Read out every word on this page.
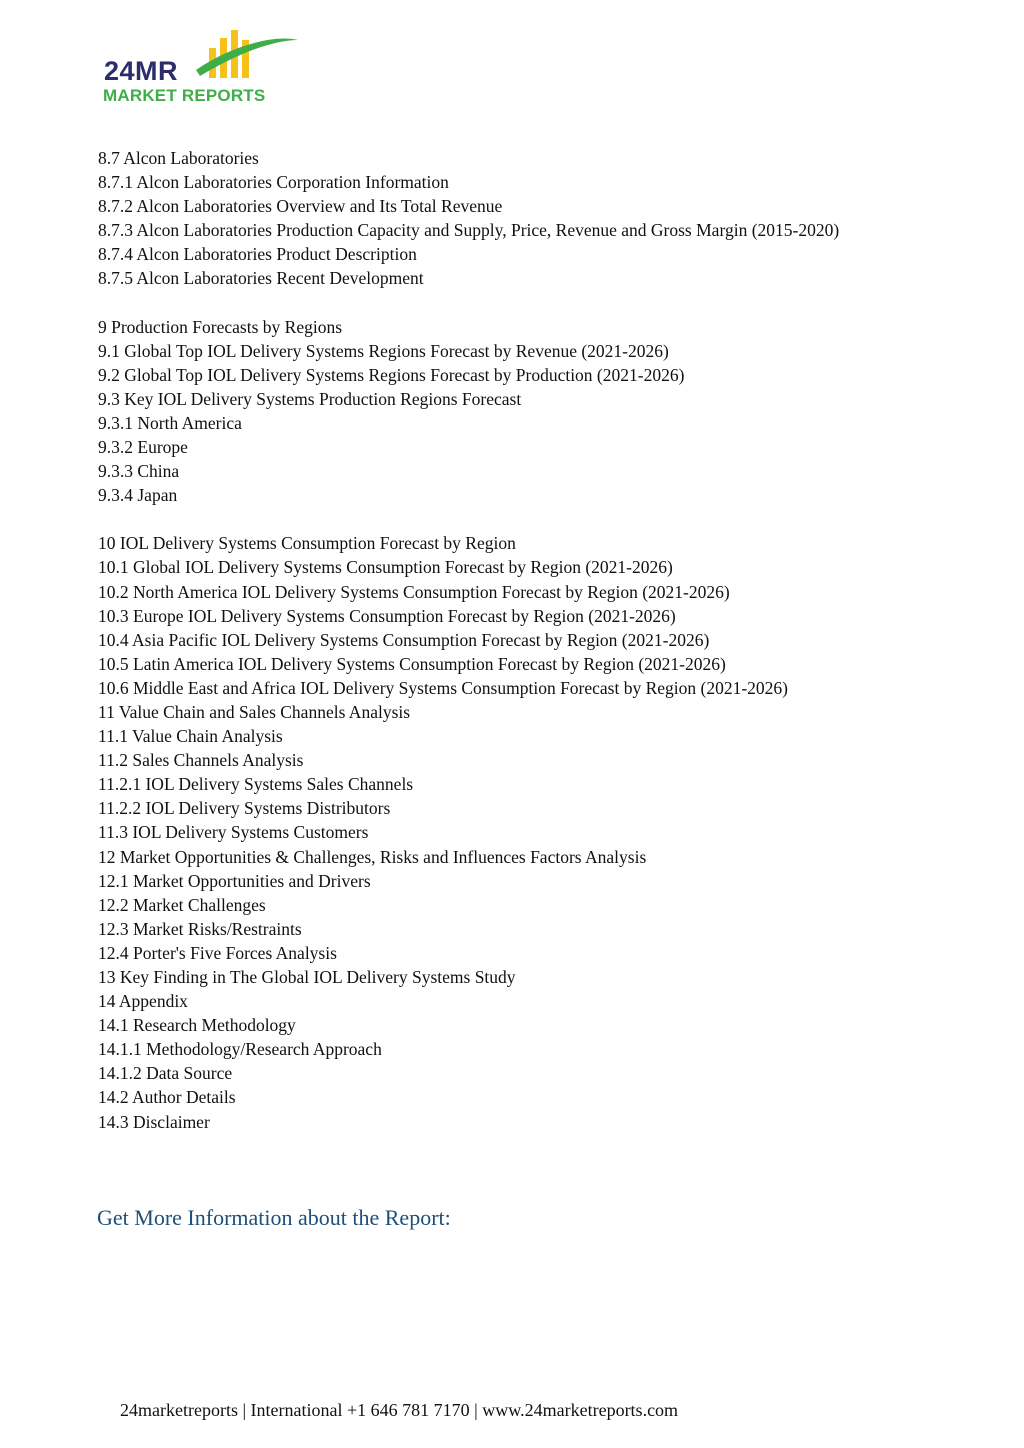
24MR
MARKET REPORTS
8.7 Alcon Laboratories
8.7.1 Alcon Laboratories Corporation Information
8.7.2 Alcon Laboratories Overview and Its Total Revenue
8.7.3 Alcon Laboratories Production Capacity and Supply, Price, Revenue and Gross Margin (2015-2020)
8.7.4 Alcon Laboratories Product Description
8.7.5 Alcon Laboratories Recent Development
9 Production Forecasts by Regions
9.1 Global Top IOL Delivery Systems Regions Forecast by Revenue (2021-2026)
9.2 Global Top IOL Delivery Systems Regions Forecast by Production (2021-2026)
9.3 Key IOL Delivery Systems Production Regions Forecast
9.3.1 North America
9.3.2 Europe
9.3.3 China
9.3.4 Japan
10 IOL Delivery Systems Consumption Forecast by Region
10.1 Global IOL Delivery Systems Consumption Forecast by Region (2021-2026)
10.2 North America IOL Delivery Systems Consumption Forecast by Region (2021-2026)
10.3 Europe IOL Delivery Systems Consumption Forecast by Region (2021-2026)
10.4 Asia Pacific IOL Delivery Systems Consumption Forecast by Region (2021-2026)
10.5 Latin America IOL Delivery Systems Consumption Forecast by Region (2021-2026)
10.6 Middle East and Africa IOL Delivery Systems Consumption Forecast by Region (2021-2026)
11 Value Chain and Sales Channels Analysis
11.1 Value Chain Analysis
11.2 Sales Channels Analysis
11.2.1 IOL Delivery Systems Sales Channels
11.2.2 IOL Delivery Systems Distributors
11.3 IOL Delivery Systems Customers
12 Market Opportunities & Challenges, Risks and Influences Factors Analysis
12.1 Market Opportunities and Drivers
12.2 Market Challenges
12.3 Market Risks/Restraints
12.4 Porter's Five Forces Analysis
13 Key Finding in The Global IOL Delivery Systems Study
14 Appendix
14.1 Research Methodology
14.1.1 Methodology/Research Approach
14.1.2 Data Source
14.2 Author Details
14.3 Disclaimer
Get More Information about the Report:
24marketreports | International +1 646 781 7170 | www.24marketreports.com
